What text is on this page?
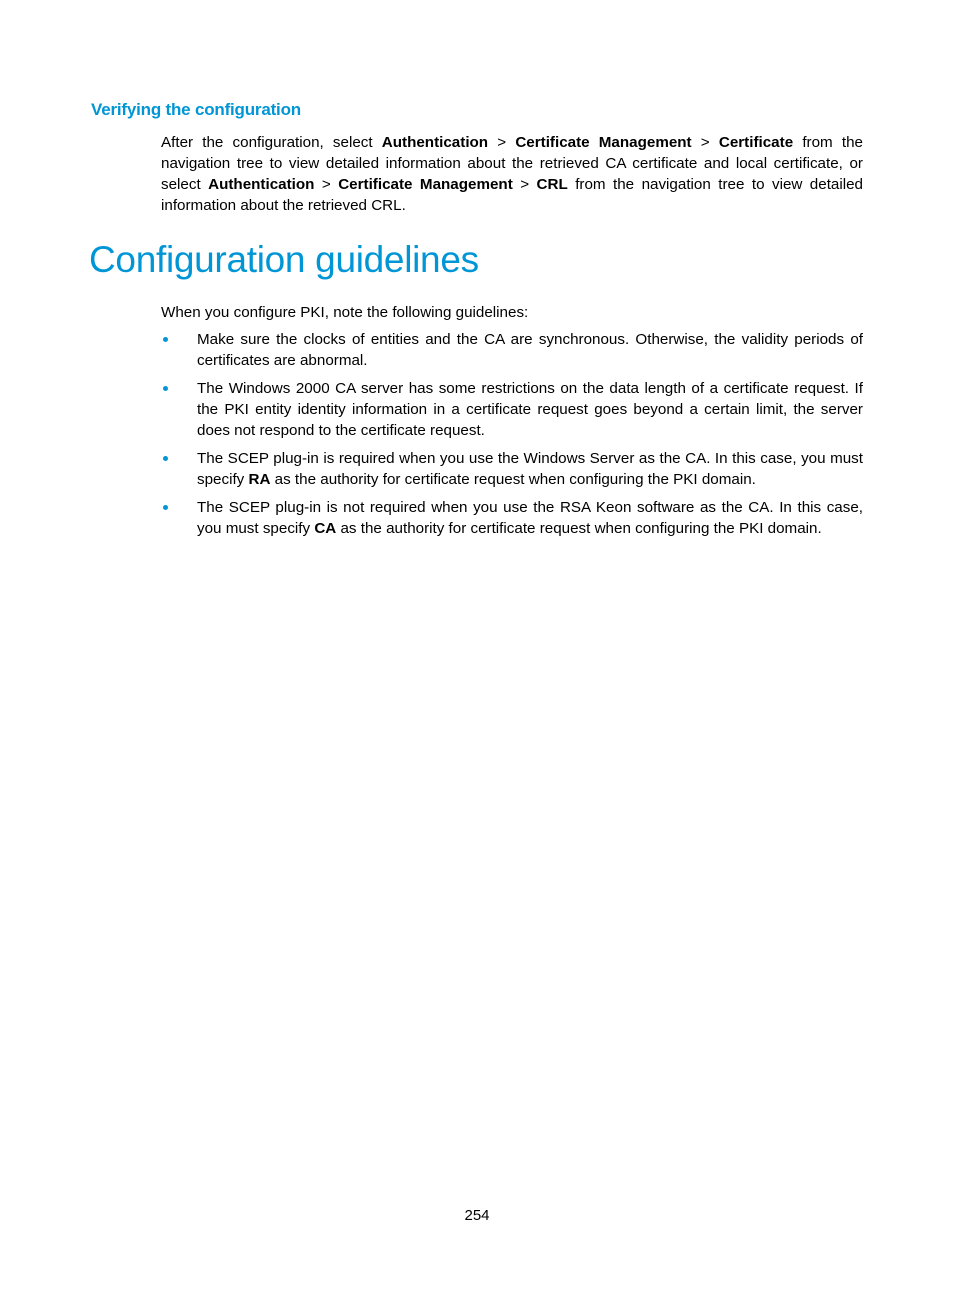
Verifying the configuration

After the configuration, select Authentication > Certificate Management > Certificate from the navigation tree to view detailed information about the retrieved CA certificate and local certificate, or select Authentication > Certificate Management > CRL from the navigation tree to view detailed information about the retrieved CRL.

Configuration guidelines

When you configure PKI, note the following guidelines:

Make sure the clocks of entities and the CA are synchronous. Otherwise, the validity periods of certificates are abnormal.
The Windows 2000 CA server has some restrictions on the data length of a certificate request. If the PKI entity identity information in a certificate request goes beyond a certain limit, the server does not respond to the certificate request.
The SCEP plug-in is required when you use the Windows Server as the CA. In this case, you must specify RA as the authority for certificate request when configuring the PKI domain.
The SCEP plug-in is not required when you use the RSA Keon software as the CA. In this case, you must specify CA as the authority for certificate request when configuring the PKI domain.

254
